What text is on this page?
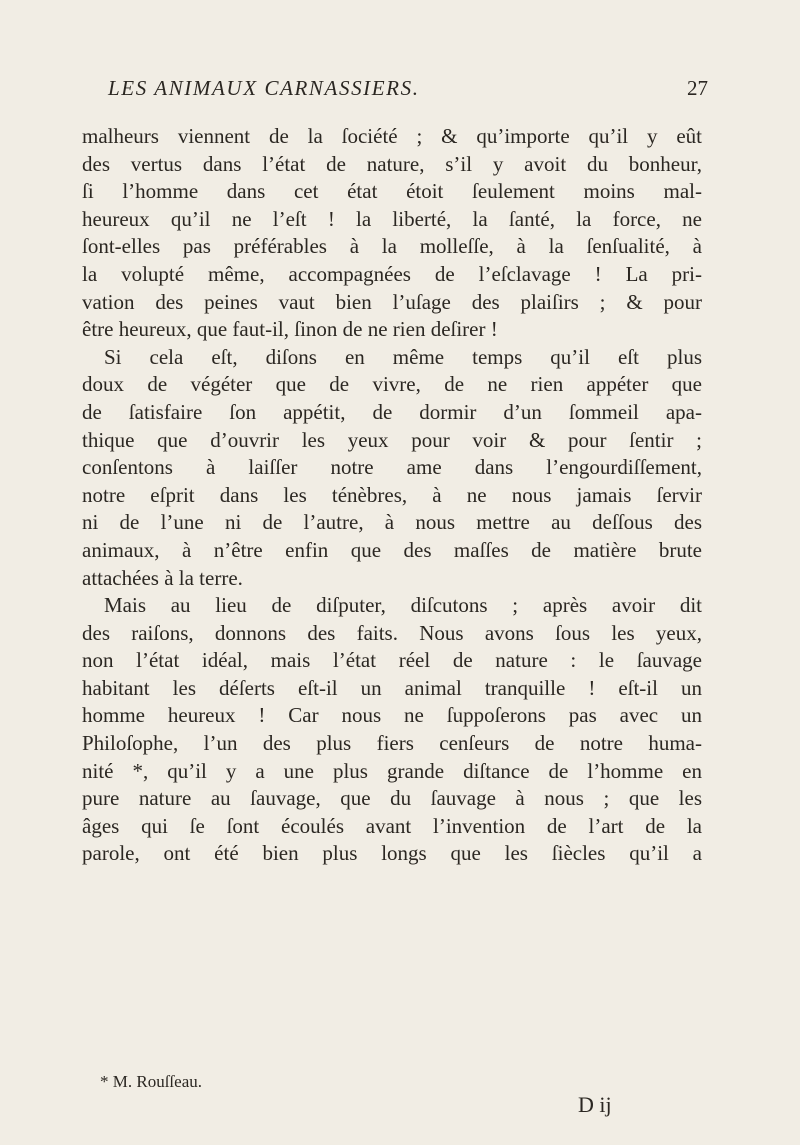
LES ANIMAUX CARNASSIERS.	27
malheurs viennent de la ſociété ; & qu’importe qu’il y eût
des vertus dans l’état de nature, s’il y avoit du bonheur,
ſi l’homme dans cet état étoit ſeulement moins mal-
heureux qu’il ne l’eſt ! la liberté, la ſanté, la force, ne
ſont-elles pas préférables à la molleſſe, à la ſenſualité, à
la volupté même, accompagnées de l’eſclavage ! La pri-
vation des peines vaut bien l’uſage des plaiſirs ; & pour
être heureux, que faut-il, ſinon de ne rien deſirer !
Si cela eſt, diſons en même temps qu’il eſt plus
doux de végéter que de vivre, de ne rien appéter que
de ſatisfaire ſon appétit, de dormir d’un ſommeil apa-
thique que d’ouvrir les yeux pour voir & pour ſentir ;
conſentons à laiſſer notre ame dans l’engourdiſſement,
notre eſprit dans les ténèbres, à ne nous jamais ſervir
ni de l’une ni de l’autre, à nous mettre au deſſous des
animaux, à n’être enfin que des maſſes de matière brute
attachées à la terre.
Mais au lieu de diſputer, diſcutons ; après avoir dit
des raiſons, donnons des faits. Nous avons ſous les yeux,
non l’état idéal, mais l’état réel de nature : le ſauvage
habitant les déſerts eſt-il un animal tranquille ! eſt-il un
homme heureux ! Car nous ne ſuppoſerons pas avec un
Philoſophe, l’un des plus fiers cenſeurs de notre huma-
nité *, qu’il y a une plus grande diſtance de l’homme en
pure nature au ſauvage, que du ſauvage à nous ; que les
âges qui ſe ſont écoulés avant l’invention de l’art de la
parole, ont été bien plus longs que les ſiècles qu’il a
* M. Rouſſeau.
D ij
